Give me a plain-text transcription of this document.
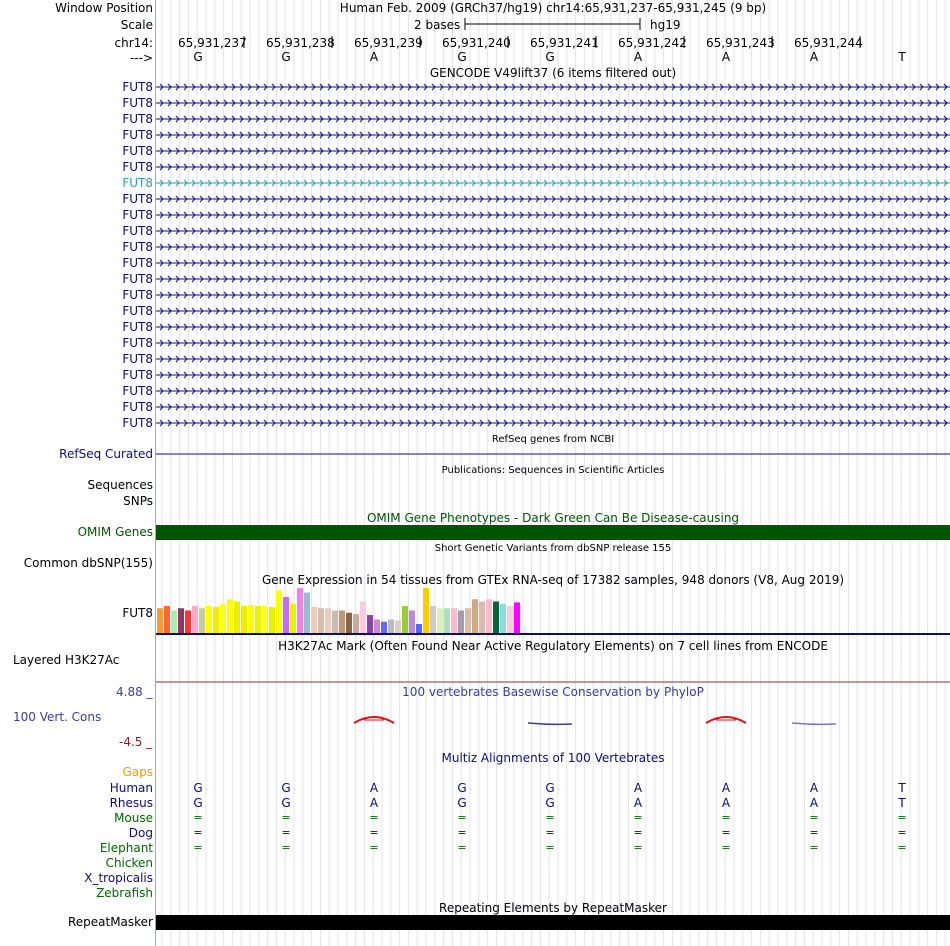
Window Position	Human Feb. 2009 (GRCh37/hg19) chr14:65,931,237-65,931,245 (9 bp)
Scale	2 bases	hg19
chr14: 65,931,237 65,931,238 65,931,239 65,931,240 65,931,241 65,931,242 65,931,243 65,931,244
--->	G	G	A	G	G	A	A	A	T
GENCODE V49lift37 (6 items filtered out)
FUT8
FUT8
FUT8
FUT8
FUT8
FUT8
FUT8
FUT8
FUT8
FUT8
FUT8
FUT8
FUT8
FUT8
FUT8
FUT8
FUT8
FUT8
FUT8
FUT8
FUT8
FUT8
RefSeq genes from NCBI
RefSeq Curated
Publications: Sequences in Scientific Articles
Sequences
SNPs
OMIM Gene Phenotypes - Dark Green Can Be Disease-causing
OMIM Genes
Short Genetic Variants from dbSNP release 155
Common dbSNP(155)
Gene Expression in 54 tissues from GTEx RNA-seq of 17382 samples, 948 donors (V8, Aug 2019)
FUT8
H3K27Ac Mark (Often Found Near Active Regulatory Elements) on 7 cell lines from ENCODE
Layered H3K27Ac
100 vertebrates Basewise Conservation by PhyloP
4.88 _
100 Vert. Cons
-4.5 _
Multiz Alignments of 100 Vertebrates
Gaps
Human	G	G	A	G	G	A	A	A	T
Rhesus	G	G	A	G	G	A	A	A	T
Mouse	=	=	=	=	=	=	=	=	=
Dog	=	=	=	=	=	=	=	=	=
Elephant	=	=	=	=	=	=	=	=	=
Chicken
X_tropicalis
Zebrafish
Repeating Elements by RepeatMasker
RepeatMasker
